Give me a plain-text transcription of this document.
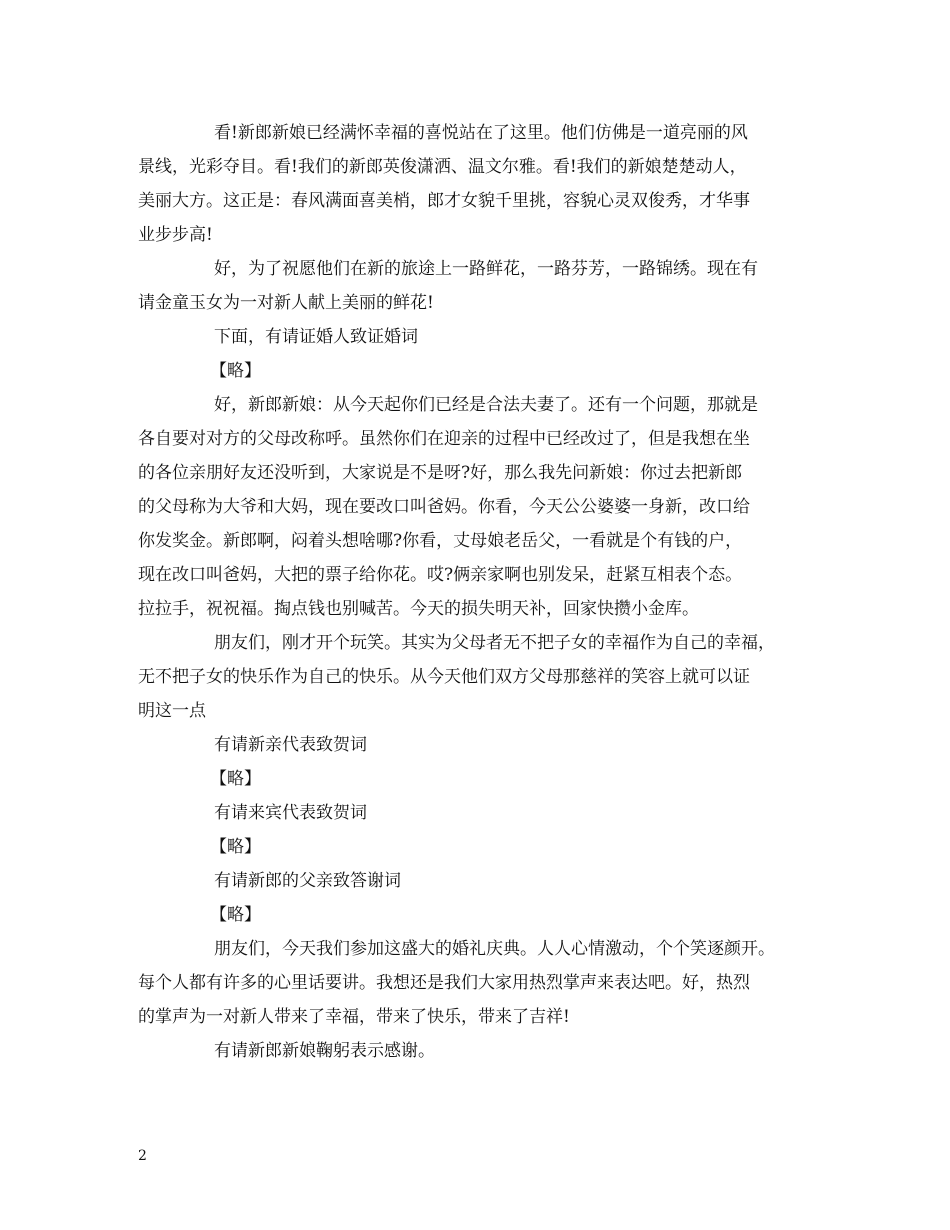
看!新郎新娘已经满怀幸福的喜悦站在了这里。他们仿佛是一道亮丽的风
景线，光彩夺目。看!我们的新郎英俊潇洒、温文尔雅。看!我们的新娘楚楚动人，
美丽大方。这正是：春风满面喜美梢，郎才女貌千里挑，容貌心灵双俊秀，才华事
业步步高!
好，为了祝愿他们在新的旅途上一路鲜花，一路芬芳，一路锦绣。现在有
请金童玉女为一对新人献上美丽的鲜花!
下面，有请证婚人致证婚词
【略】
好，新郎新娘：从今天起你们已经是合法夫妻了。还有一个问题，那就是
各自要对对方的父母改称呼。虽然你们在迎亲的过程中已经改过了，但是我想在坐
的各位亲朋好友还没听到，大家说是不是呀?好，那么我先问新娘：你过去把新郎
的父母称为大爷和大妈，现在要改口叫爸妈。你看，今天公公婆婆一身新，改口给
你发奖金。新郎啊，闷着头想啥哪?你看，丈母娘老岳父，一看就是个有钱的户，
现在改口叫爸妈，大把的票子给你花。哎?俩亲家啊也别发呆，赶紧互相表个态。
拉拉手，祝祝福。掏点钱也别喊苦。今天的损失明天补，回家快攒小金库。
朋友们，刚才开个玩笑。其实为父母者无不把子女的幸福作为自己的幸福，
无不把子女的快乐作为自己的快乐。从今天他们双方父母那慈祥的笑容上就可以证
明这一点
有请新亲代表致贺词
【略】
有请来宾代表致贺词
【略】
有请新郎的父亲致答谢词
【略】
朋友们，今天我们参加这盛大的婚礼庆典。人人心情激动，个个笑逐颜开。
每个人都有许多的心里话要讲。我想还是我们大家用热烈掌声来表达吧。好，热烈
的掌声为一对新人带来了幸福，带来了快乐，带来了吉祥!
有请新郎新娘鞠躬表示感谢。
2
